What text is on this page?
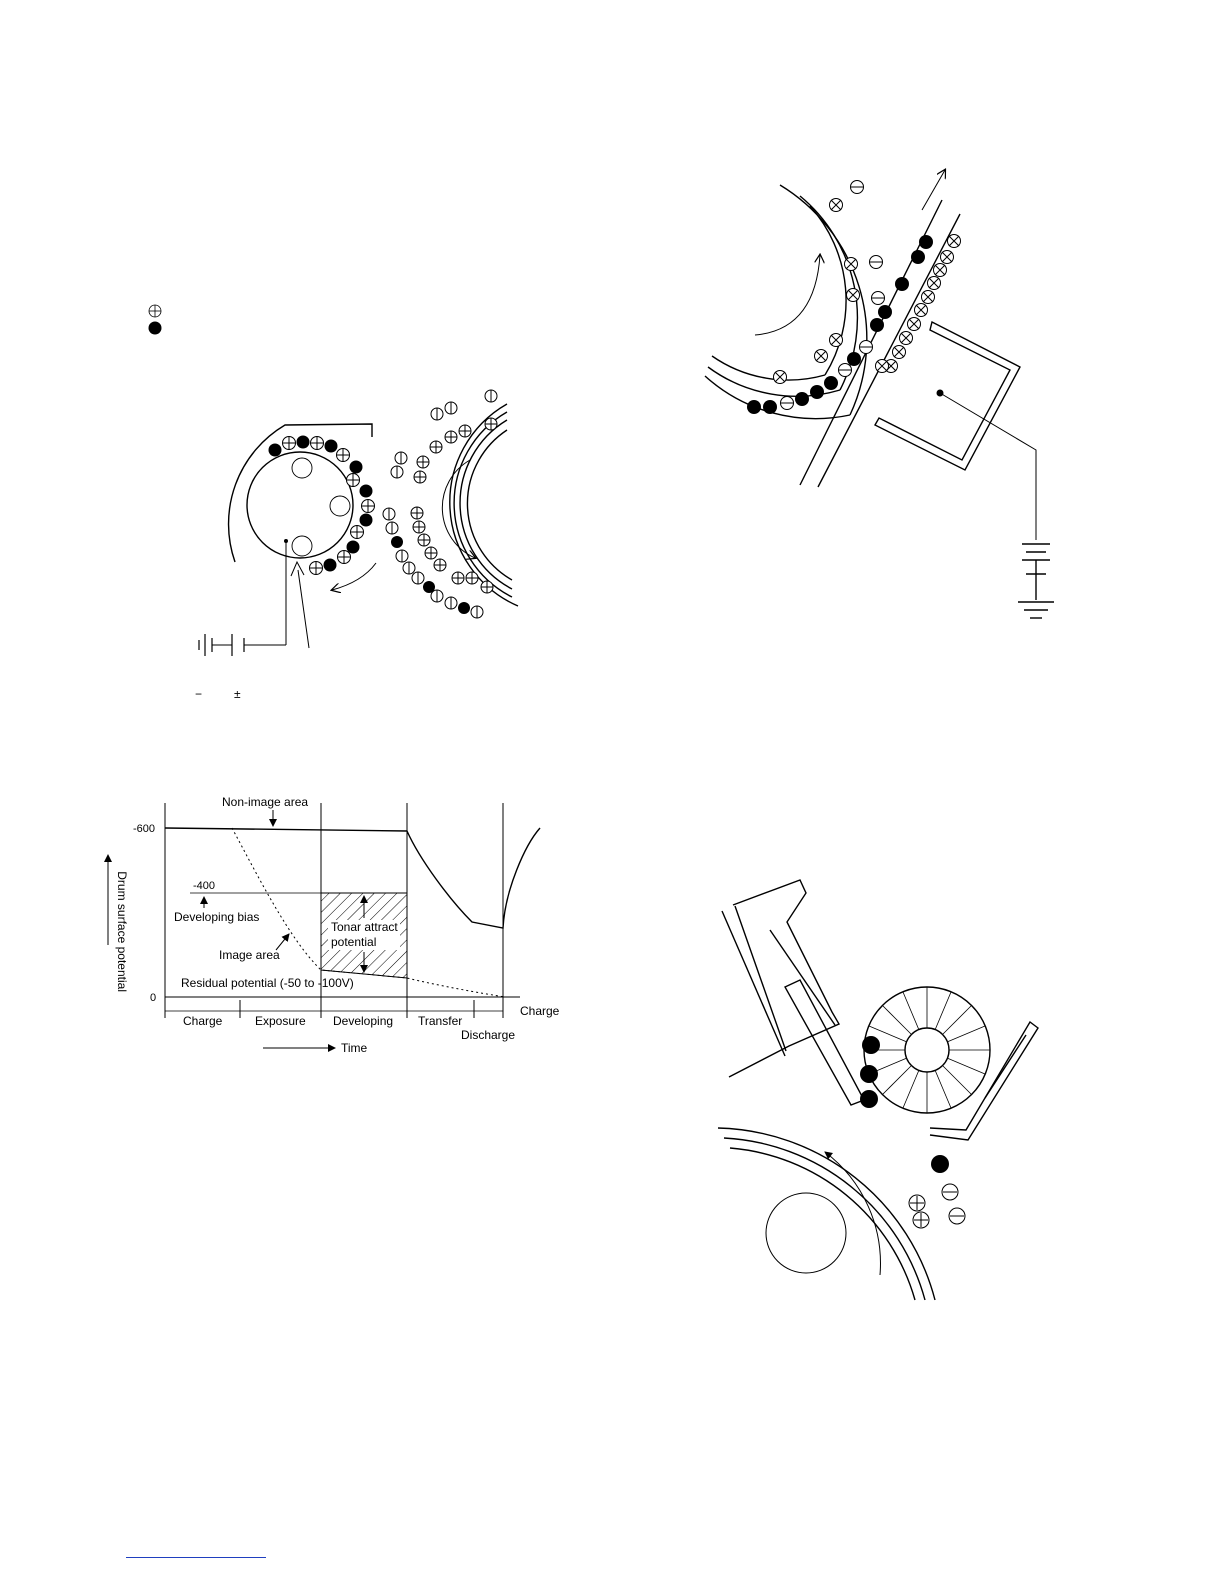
−	±
-600
0
Drum surface potential
Non-image area
-400
Developing bias
Tonar attract
potential
Image area
Residual potential (-50 to -100V)
Charge	Exposure Developing Transfer
Discharge
Charge
Time
